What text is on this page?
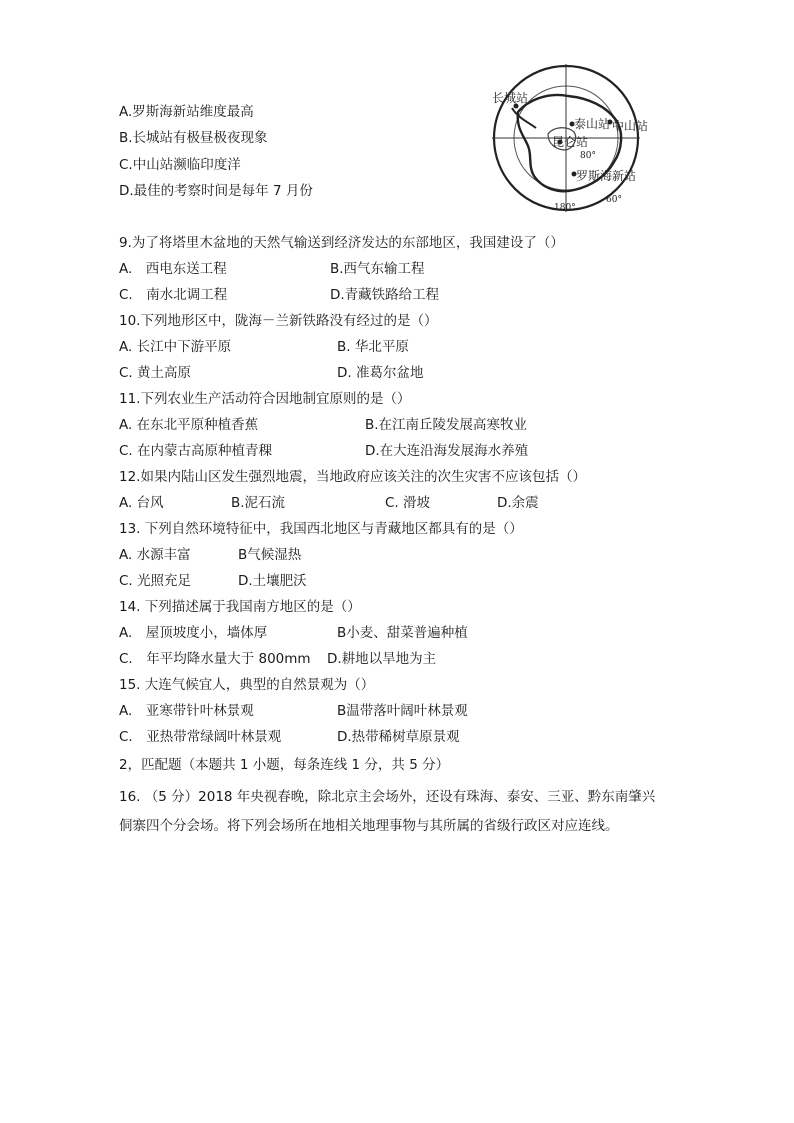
A.罗斯海新站维度最高
B.长城站有极昼极夜现象
C.中山站濒临印度洋
D.最佳的考察时间是每年 7 月份
长城站
泰山站 中山站
昆仑站
80°
罗斯海新站
180°
60°
9.为了将塔里木盆地的天然气输送到经济发达的东部地区，我国建设了（）
A.　西电东送工程	B.西气东输工程
C.　南水北调工程	D.青藏铁路给工程
10.下列地形区中，陇海－兰新铁路没有经过的是（）
A. 长江中下游平原	B. 华北平原
C. 黄土高原	D. 准葛尔盆地
11.下列农业生产活动符合因地制宜原则的是（）
A. 在东北平原种植香蕉	B.在江南丘陵发展高寒牧业
C. 在内蒙古高原种植青稞	D.在大连沿海发展海水养殖
12.如果内陆山区发生强烈地震，当地政府应该关注的次生灾害不应该包括（）
A. 台风	B.泥石流	C. 滑坡	D.余震
13. 下列自然环境特征中，我国西北地区与青藏地区都具有的是（）
A. 水源丰富	B气候湿热
C. 光照充足	D.土壤肥沃
14. 下列描述属于我国南方地区的是（）
A.　屋顶坡度小，墙体厚	B小麦、甜菜普遍种植
C.　年平均降水量大于 800mm D.耕地以旱地为主
15. 大连气候宜人，典型的自然景观为（）
A.　亚寒带针叶林景观	B温带落叶阔叶林景观
C.　亚热带常绿阔叶林景观	D.热带稀树草原景观
2，匹配题（本题共 1 小题，每条连线 1 分，共 5 分）
16. （5 分）2018 年央视春晚，除北京主会场外，还设有珠海、泰安、三亚、黔东南肇兴
侗寨四个分会场。将下列会场所在地相关地理事物与其所属的省级行政区对应连线。
